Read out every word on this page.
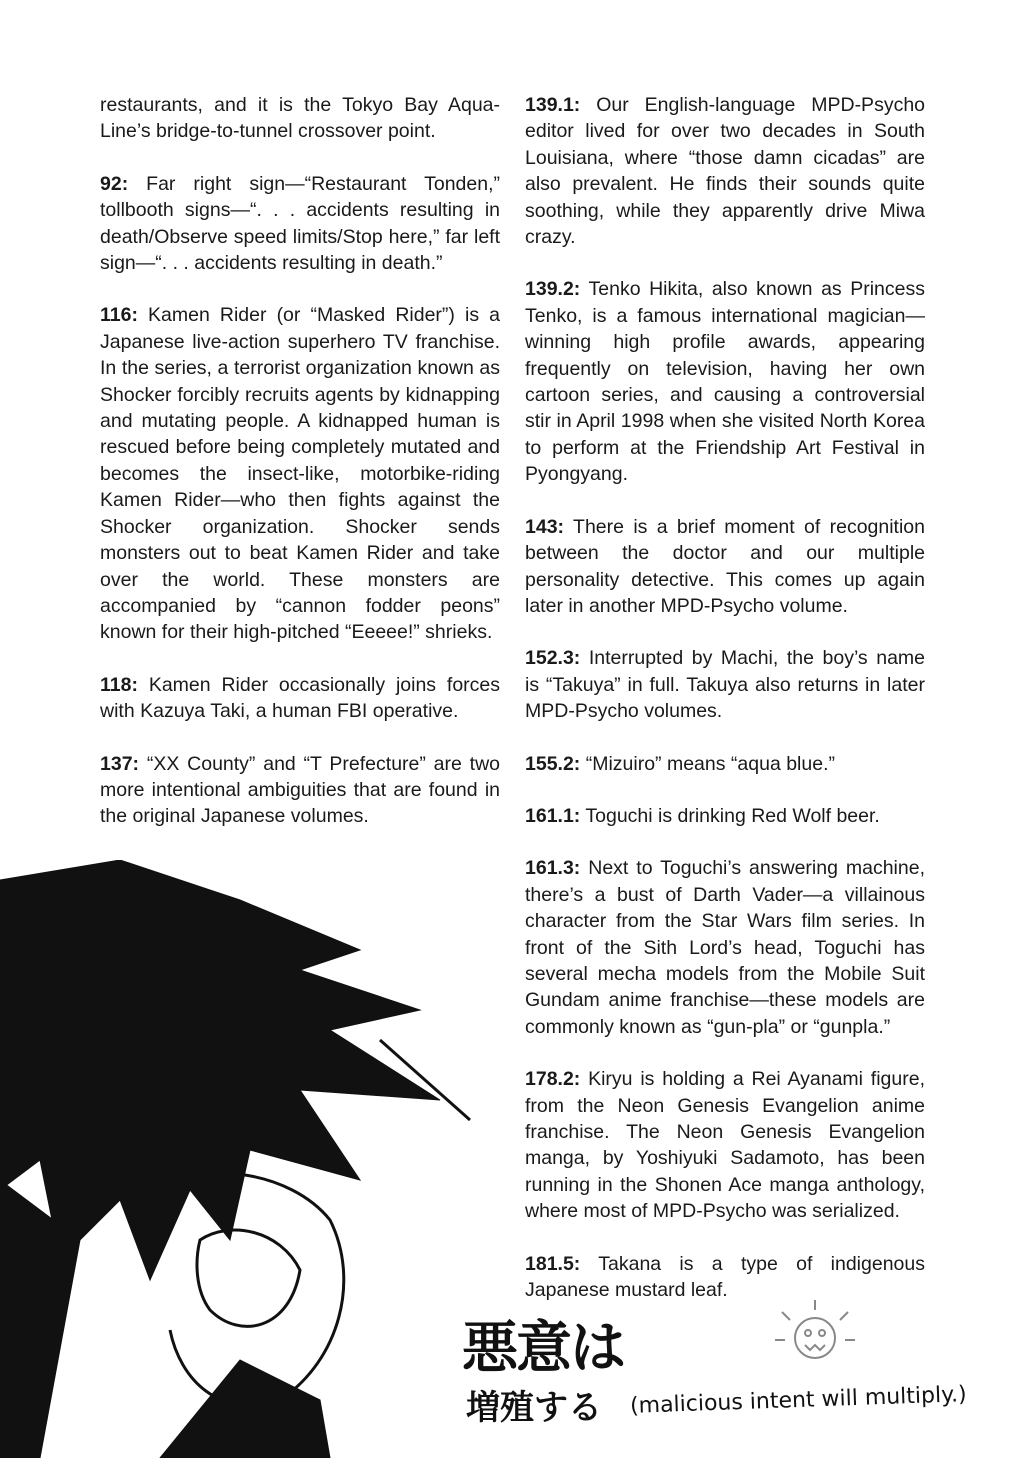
restaurants, and it is the Tokyo Bay Aqua-Line’s bridge-to-tunnel crossover point.

92: Far right sign—“Restaurant Tonden,” tollbooth signs—“. . . accidents resulting in death/Observe speed limits/Stop here,” far left sign—“. . . accidents resulting in death.”

116: Kamen Rider (or “Masked Rider”) is a Japanese live-action superhero TV franchise. In the series, a terrorist organization known as Shocker forcibly recruits agents by kidnapping and mutating people. A kidnapped human is rescued before being completely mutated and becomes the insect-like, motorbike-riding Kamen Rider—who then fights against the Shocker organization. Shocker sends monsters out to beat Kamen Rider and take over the world. These monsters are accompanied by “cannon fodder peons” known for their high-pitched “Eeeee!” shrieks.

118: Kamen Rider occasionally joins forces with Kazuya Taki, a human FBI operative.

137: “XX County” and “T Prefecture” are two more intentional ambiguities that are found in the original Japanese volumes.

139.1: Our English-language MPD-Psycho editor lived for over two decades in South Louisiana, where “those damn cicadas” are also prevalent. He finds their sounds quite soothing, while they apparently drive Miwa crazy.

139.2: Tenko Hikita, also known as Princess Tenko, is a famous international magician—winning high profile awards, appearing frequently on television, having her own cartoon series, and causing a controversial stir in April 1998 when she visited North Korea to perform at the Friendship Art Festival in Pyongyang.

143: There is a brief moment of recognition between the doctor and our multiple personality detective. This comes up again later in another MPD-Psycho volume.

152.3: Interrupted by Machi, the boy’s name is “Takuya” in full. Takuya also returns in later MPD-Psycho volumes.

155.2: “Mizuiro” means “aqua blue.”

161.1: Toguchi is drinking Red Wolf beer.

161.3: Next to Toguchi’s answering machine, there’s a bust of Darth Vader—a villainous character from the Star Wars film series. In front of the Sith Lord’s head, Toguchi has several mecha models from the Mobile Suit Gundam anime franchise—these models are commonly known as “gun-pla” or “gunpla.”

178.2: Kiryu is holding a Rei Ayanami figure, from the Neon Genesis Evangelion anime franchise. The Neon Genesis Evangelion manga, by Yoshiyuki Sadamoto, has been running in the Shonen Ace manga anthology, where most of MPD-Psycho was serialized.

181.5: Takana is a type of indigenous Japanese mustard leaf.

悪意は
増殖する (malicious intent will multiply.)
